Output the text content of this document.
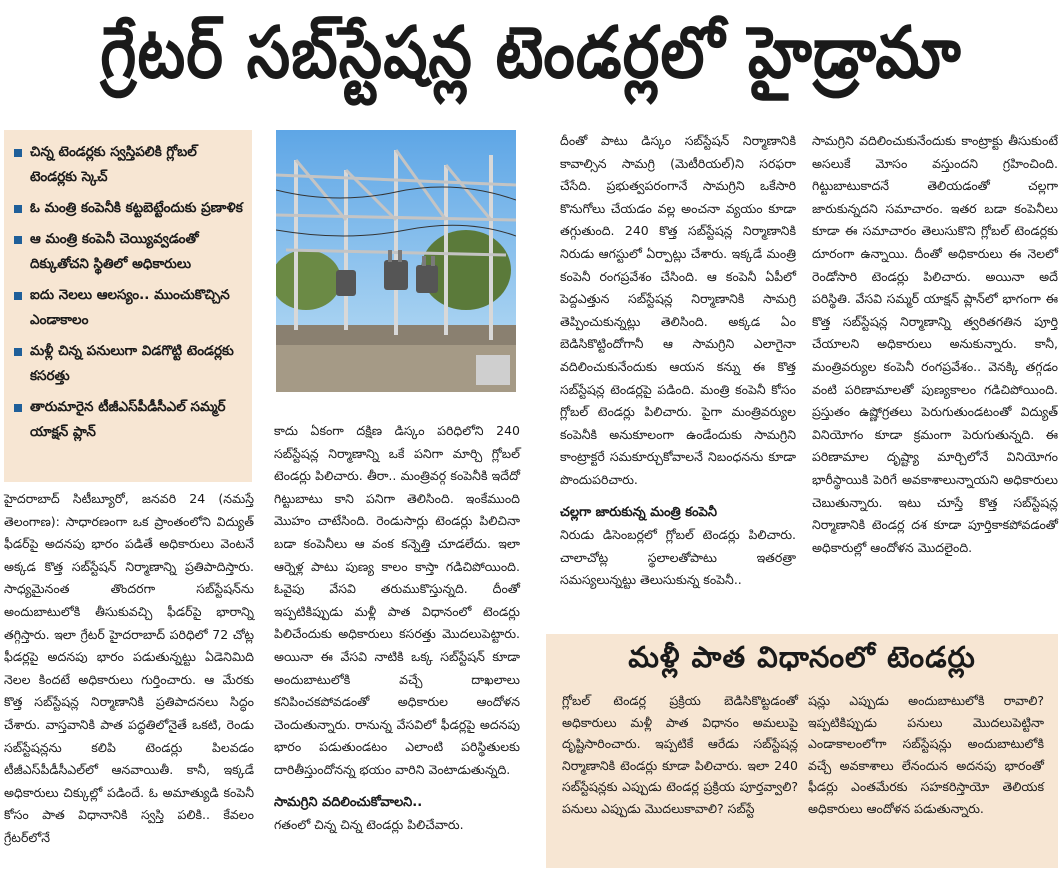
గ్రేటర్ సబ్‌స్టేషన్ల టెండర్లలో హైడ్రామా
చిన్న టెండర్లకు స్వస్తిపలికి గ్లోబల్ టెండర్లకు స్కెచ్
ఓ మంత్రి కంపెనీకి కట్టబెట్టేందుకు ప్రణాళిక
ఆ మంత్రి కంపెనీ చెయ్యివ్వడంతో దిక్కుతోచని స్థితిలో అధికారులు
ఐదు నెలలు ఆలస్యం.. ముంచుకొచ్చిన ఎండాకాలం
మళ్లీ చిన్న పనులుగా విడగొట్టి టెండర్లకు కసరత్తు
తారుమారైన టీజీఎస్‌పీడీసీఎల్ సమ్మర్ యాక్షన్ ప్లాన్

హైదరాబాద్ సిటీబ్యూరో, జనవరి 24 (నమస్తే తెలంగాణ): సాధారణంగా ఒక ప్రాంతంలోని విద్యుత్ ఫీడర్‌పై అదనపు భారం పడితే అధికారులు వెంటనే అక్కడ కొత్త సబ్‌స్టేషన్ నిర్మాణాన్ని ప్రతిపాదిస్తారు. సాధ్యమైనంత తొందరగా సబ్‌స్టేషన్‌ను అందుబాటులోకి తీసుకువచ్చి ఫీడర్‌పై భారాన్ని తగ్గిస్తారు. ఇలా గ్రేటర్ హైదరాబాద్ పరిధిలో 72 చోట్ల ఫీడర్లపై అదనపు భారం పడుతున్నట్టు ఏడెనిమిది నెలల కిందటే అధికారులు గుర్తించారు. ఆ మేరకు కొత్త సబ్‌స్టేషన్ల నిర్మాణానికి ప్రతిపాదనలు సిద్ధం చేశారు. వాస్తవానికి పాత పద్ధతిలోనైతే ఒకటి, రెండు సబ్‌స్టేషన్లను కలిపి టెండర్లు పిలవడం టీజీఎస్‌పీడీసీఎల్‌లో ఆనవాయితీ. కానీ, ఇక్కడే అధికారులు చిక్కుల్లో పడిందే. ఓ అమాత్యుడి కంపెనీ కోసం పాత విధానానికి స్వస్తి పలికి.. కేవలం గ్రేటర్‌లోనే

కాదు ఏకంగా దక్షిణ డిస్కం పరిధిలోని 240 సబ్‌స్టేషన్ల నిర్మాణాన్ని ఒకే పనిగా మార్చి గ్లోబల్ టెండర్లు పిలిచారు. తీరా.. మంత్రివర్గ కంపెనీకి ఇదేదో గిట్టుబాటు కాని పనిగా తెలిసింది. ఇంకేముంది మొహం చాటేసింది. రెండుసార్లు టెండర్లు పిలిచినా బడా కంపెనీలు ఆ వంక కన్నెత్తి చూడలేదు. ఇలా ఆర్నెళ్ల పాటు పుణ్య కాలం కాస్తా గడిచిపోయింది. ఓవైపు వేసవి తరుముకొస్తున్నది. దీంతో ఇప్పటికిప్పుడు మళ్లీ పాత విధానంలో టెండర్లు పిలిచేందుకు అధికారులు కసరత్తు మొదలుపెట్టారు. అయినా ఈ వేసవి నాటికి ఒక్క సబ్‌స్టేషన్ కూడా అందుబాటులోకి వచ్చే దాఖలాలు కనిపించకపోవడంతో అధికారుల ఆందోళన చెందుతున్నారు. రానున్న వేసవిలో ఫీడర్లపై అదనపు భారం పడుతుండటం ఎలాంటి పరిస్థితులకు దారితీస్తుందోనన్న భయం వారిని వెంటాడుతున్నది.

సామగ్రిని వదిలించుకోవాలని..

గతంలో చిన్న చిన్న టెండర్లు పిలిచేవారు.

దీంతో పాటు డిస్కం సబ్‌స్టేషన్ నిర్మాణానికి కావాల్సిన సామగ్రి (మెటీరియల్)ని సరఫరా చేసేది. ప్రభుత్వపరంగానే సామగ్రిని ఒకేసారి కొనుగోలు చేయడం వల్ల అంచనా వ్యయం కూడా తగ్గుతుంది. 240 కొత్త సబ్‌స్టేషన్ల నిర్మాణానికి నిరుడు ఆగస్టులో ఏర్పాట్లు చేశారు. ఇక్కడే మంత్రి కంపెనీ రంగప్రవేశం చేసింది. ఆ కంపెనీ ఏపీలో పెద్దఎత్తున సబ్‌స్టేషన్ల నిర్మాణానికి సామగ్రి తెప్పించుకున్నట్లు తెలిసింది. అక్కడ ఏం బెడిసికొట్టిందోగానీ ఆ సామగ్రిని ఎలాగైనా వదిలించుకునేందుకు ఆయన కన్ను ఈ కొత్త సబ్‌స్టేషన్ల టెండర్లపై పడింది. మంత్రి కంపెనీ కోసం గ్లోబల్ టెండర్లు పిలిచారు. పైగా మంత్రివర్యుల కంపెనీకి అనుకూలంగా ఉండేందుకు సామగ్రిని కాంట్రాక్టరే సమకూర్చుకోవాలనే నిబంధనను కూడా పొందుపరిచారు.

చల్లగా జారుకున్న మంత్రి కంపెనీ

నిరుడు డిసెంబర్లలో గ్లోబల్ టెండర్లు పిలిచారు. చాలాచోట్ల స్థలాలతోపాటు ఇతరత్రా సమస్యలున్నట్టు తెలుసుకున్న కంపెనీ..

సామగ్రిని వదిలించుకునేందుకు కాంట్రాక్టు తీసుకుంటే అసలుకే మోసం వస్తుందని గ్రహించింది. గిట్టుబాటుకాదనే తెలియడంతో చల్లగా జారుకున్నదని సమాచారం. ఇతర బడా కంపెనీలు కూడా ఈ సమాచారం తెలుసుకొని గ్లోబల్ టెండర్లకు దూరంగా ఉన్నాయి. దీంతో అధికారులు ఈ నెలలో రెండోసారి టెండర్లు పిలిచారు. అయినా అదే పరిస్థితి. వేసవి సమ్మర్ యాక్షన్ ప్లాన్‌లో భాగంగా ఈ కొత్త సబ్‌స్టేషన్ల నిర్మాణాన్ని త్వరితగతిన పూర్తి చేయాలని అధికారులు అనుకున్నారు. కానీ, మంత్రివర్యుల కంపెనీ రంగప్రవేశం.. వెనక్కి తగ్గడం వంటి పరిణామాలతో పుణ్యకాలం గడిచిపోయింది. ప్రస్తుతం ఉష్ణోగ్రతలు పెరుగుతుండటంతో విద్యుత్ వినియోగం కూడా క్రమంగా పెరుగుతున్నది. ఈ పరిణామాల దృష్ట్యా మార్చిలోనే వినియోగం భారీస్థాయికి పెరిగే అవకాశాలున్నాయని అధికారులు చెబుతున్నారు. ఇటు చూస్తే కొత్త సబ్‌స్టేషన్ల నిర్మాణానికి టెండర్ల దశ కూడా పూర్తికాకపోవడంతో అధికారుల్లో ఆందోళన మొదలైంది.

మళ్లీ పాత విధానంలో టెండర్లు

గ్లోబల్ టెండర్ల ప్రక్రియ బెడిసికొట్టడంతో అధికారులు మళ్లీ పాత విధానం అమలుపై దృష్టిసారించారు. ఇప్పటికే ఆరేడు సబ్‌స్టేషన్ల నిర్మాణానికి టెండర్లు కూడా పిలిచారు. ఇలా 240 సబ్‌స్టేషన్లకు ఎప్పుడు టెండర్ల ప్రక్రియ పూర్తవ్వాలి? పనులు ఎప్పుడు మొదలుకావాలి? సబ్‌స్టే

షన్లు ఎప్పుడు అందుబాటులోకి రావాలి? ఇప్పటికిప్పుడు పనులు మొదలుపెట్టినా ఎండాకాలంలోగా సబ్‌స్టేషన్లు అందుబాటులోకి వచ్చే అవకాశాలు లేనందున అదనపు భారంతో ఫీడర్లు ఎంతమేరకు సహకరిస్తాయో తెలియక అధికారులు ఆందోళన పడుతున్నారు.
